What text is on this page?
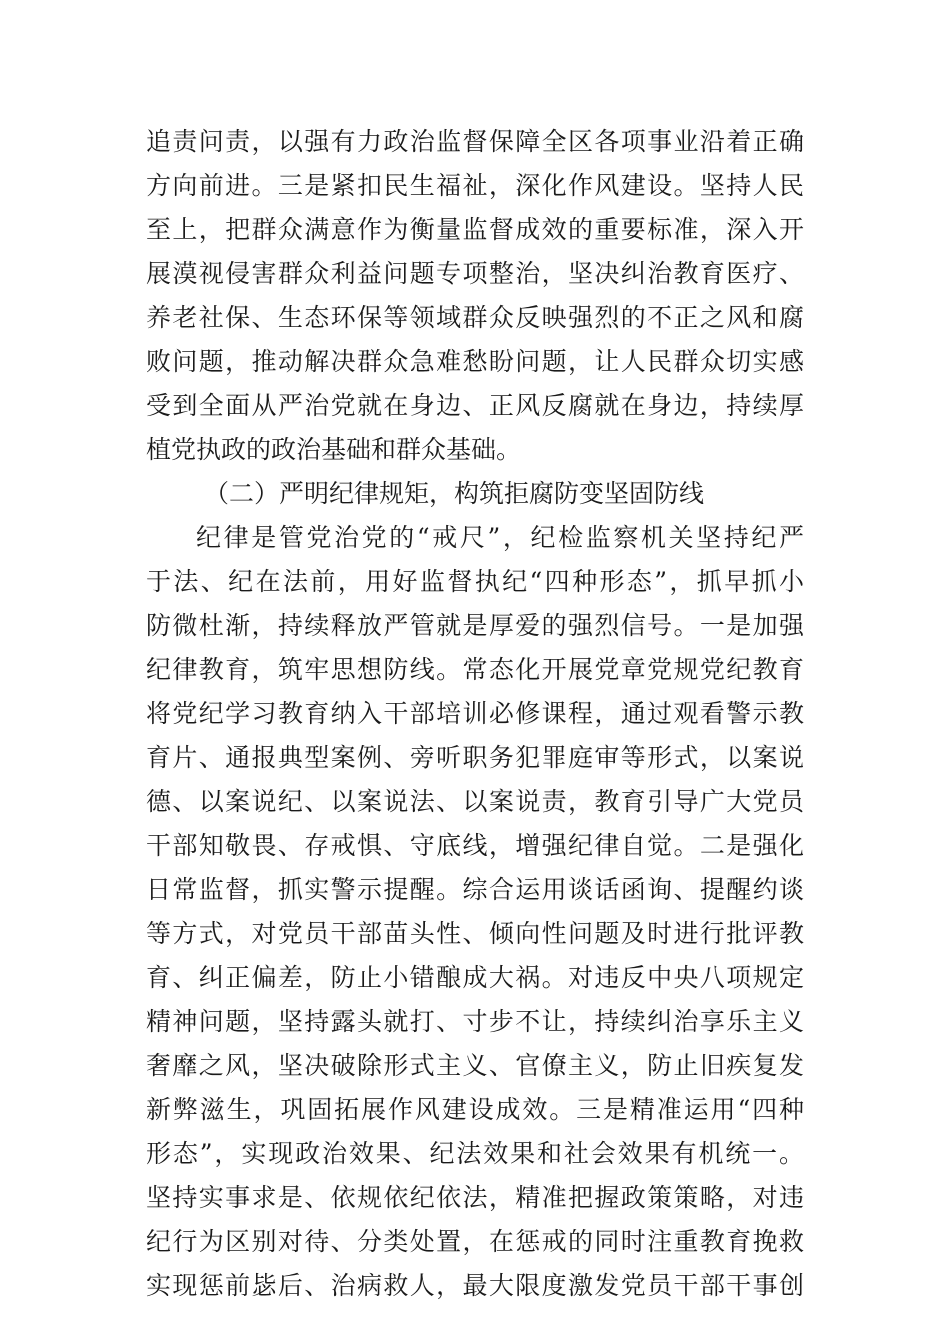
追责问责，以强有力政治监督保障全区各项事业沿着正确
方向前进。三是紧扣民生福祉，深化作风建设。坚持人民
至上，把群众满意作为衡量监督成效的重要标准，深入开
展漠视侵害群众利益问题专项整治，坚决纠治教育医疗、
养老社保、生态环保等领域群众反映强烈的不正之风和腐
败问题，推动解决群众急难愁盼问题，让人民群众切实感
受到全面从严治党就在身边、正风反腐就在身边，持续厚
植党执政的政治基础和群众基础。
（二）严明纪律规矩，构筑拒腐防变坚固防线
纪律是管党治党的“戒尺”，纪检监察机关坚持纪严
于法、纪在法前，用好监督执纪“四种形态”，抓早抓小
防微杜渐，持续释放严管就是厚爱的强烈信号。一是加强
纪律教育，筑牢思想防线。常态化开展党章党规党纪教育
将党纪学习教育纳入干部培训必修课程，通过观看警示教
育片、通报典型案例、旁听职务犯罪庭审等形式，以案说
德、以案说纪、以案说法、以案说责，教育引导广大党员
干部知敬畏、存戒惧、守底线，增强纪律自觉。二是强化
日常监督，抓实警示提醒。综合运用谈话函询、提醒约谈
等方式，对党员干部苗头性、倾向性问题及时进行批评教
育、纠正偏差，防止小错酿成大祸。对违反中央八项规定
精神问题，坚持露头就打、寸步不让，持续纠治享乐主义
奢靡之风，坚决破除形式主义、官僚主义，防止旧疾复发
新弊滋生，巩固拓展作风建设成效。三是精准运用“四种
形态”，实现政治效果、纪法效果和社会效果有机统一。
坚持实事求是、依规依纪依法，精准把握政策策略，对违
纪行为区别对待、分类处置，在惩戒的同时注重教育挽救
实现惩前毖后、治病救人，最大限度激发党员干部干事创
